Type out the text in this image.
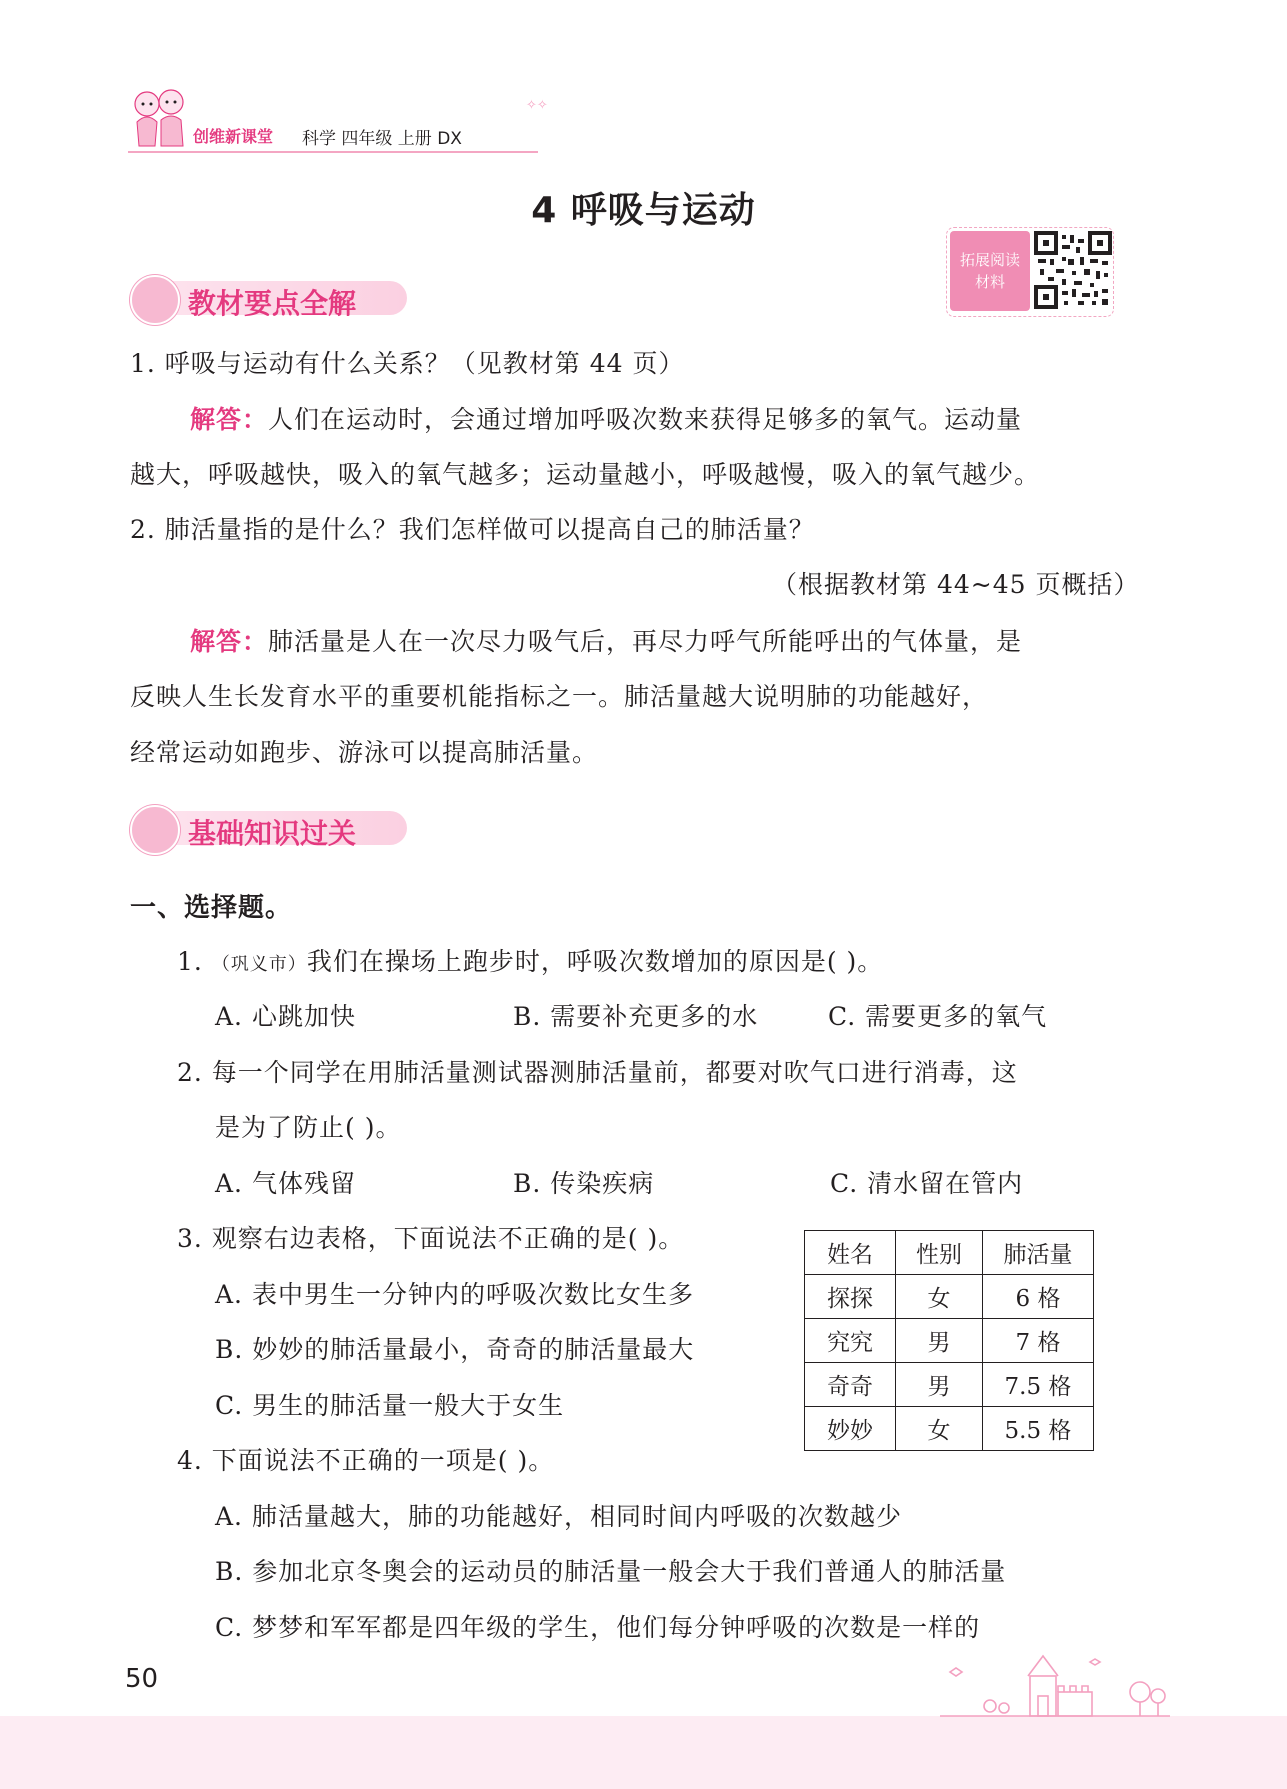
创维新课堂 科学 四年级 上册 DX
✧✧
4 呼吸与运动
拓展阅读
材料
教材要点全解
1. 呼吸与运动有什么关系？（见教材第 44 页）
解答：人们在运动时，会通过增加呼吸次数来获得足够多的氧气。运动量
越大，呼吸越快，吸入的氧气越多；运动量越小，呼吸越慢，吸入的氧气越少。
2. 肺活量指的是什么？我们怎样做可以提高自己的肺活量？
（根据教材第 44~45 页概括）
解答：肺活量是人在一次尽力吸气后，再尽力呼气所能呼出的气体量，是
反映人生长发育水平的重要机能指标之一。肺活量越大说明肺的功能越好，
经常运动如跑步、游泳可以提高肺活量。
基础知识过关
一、选择题。
1. （巩义市）我们在操场上跑步时，呼吸次数增加的原因是( )。
A. 心跳加快	B. 需要补充更多的水	C. 需要更多的氧气
2. 每一个同学在用肺活量测试器测肺活量前，都要对吹气口进行消毒，这
是为了防止( )。
A. 气体残留	B. 传染疾病	C. 清水留在管内
3. 观察右边表格，下面说法不正确的是( )。
A. 表中男生一分钟内的呼吸次数比女生多
B. 妙妙的肺活量最小，奇奇的肺活量最大
C. 男生的肺活量一般大于女生
姓名	性别	肺活量
探探	女	6 格
究究	男	7 格
奇奇	男	7.5 格
妙妙	女	5.5 格
4. 下面说法不正确的一项是( )。
A. 肺活量越大，肺的功能越好，相同时间内呼吸的次数越少
B. 参加北京冬奥会的运动员的肺活量一般会大于我们普通人的肺活量
C. 梦梦和军军都是四年级的学生，他们每分钟呼吸的次数是一样的
50
